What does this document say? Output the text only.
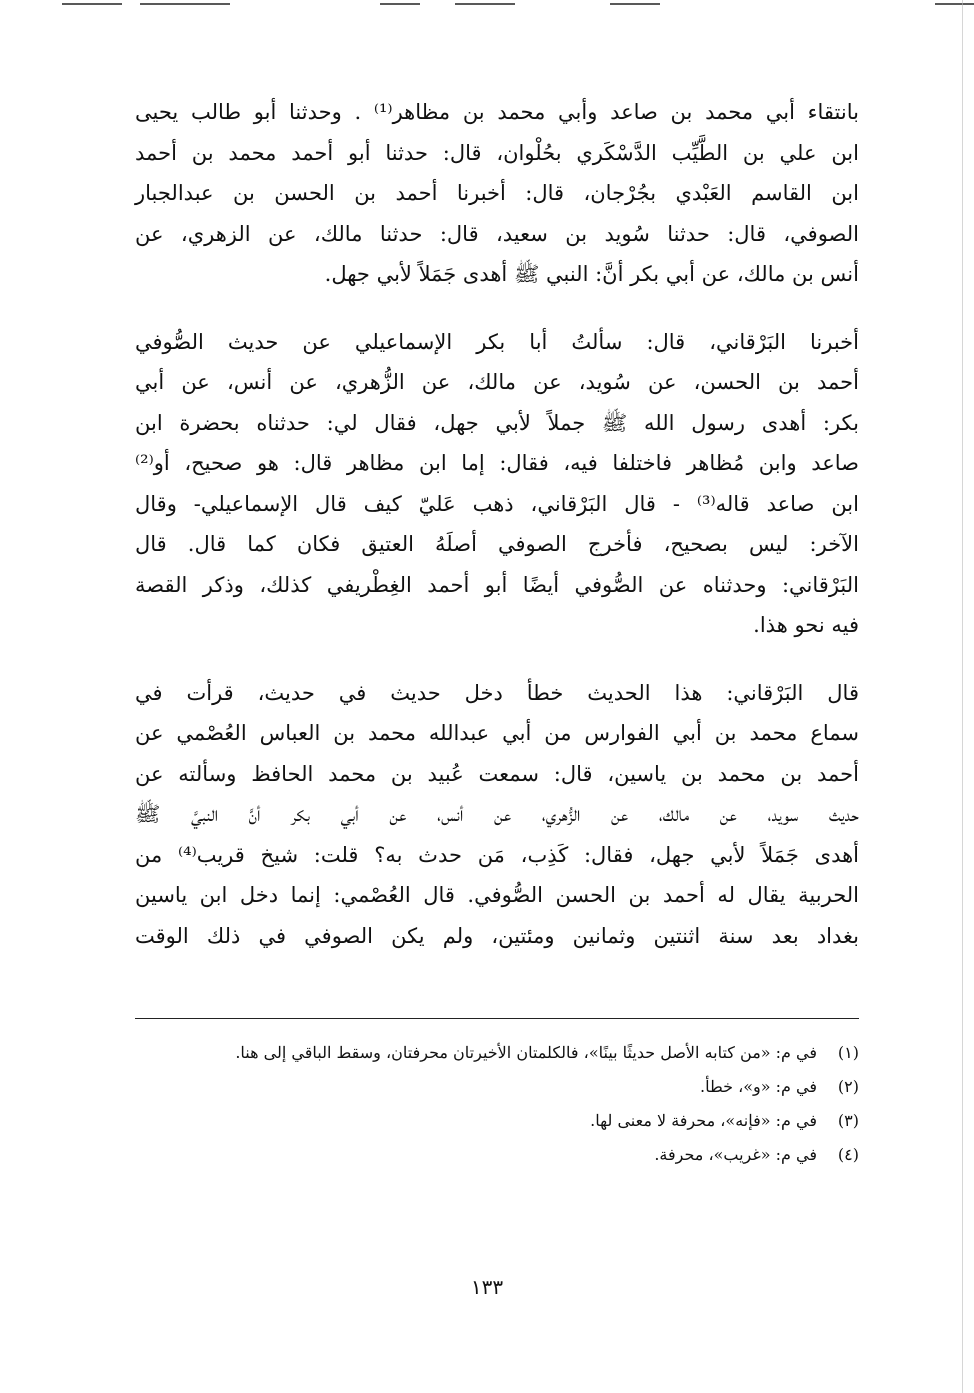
بانتقاء أبي محمد بن صاعد وأبي محمد بن مظاهر⁽¹⁾ . وحدثنا أبو طالب يحيى
ابن علي بن الطَّيِّب الدَّسْكَري بحُلْوان، قال: حدثنا أبو أحمد محمد بن أحمد
ابن القاسم العَبْدي بجُرْجان، قال: أخبرنا أحمد بن الحسن بن عبدالجبار
الصوفي، قال: حدثنا سُويد بن سعيد، قال: حدثنا مالك، عن الزهري، عن
أنس بن مالك، عن أبي بكر أنَّ: النبي ﷺ أهدى جَمَلاً لأبي جهل.

أخبرنا البَرْقاني، قال: سألتُ أبا بكر الإسماعيلي عن حديث الصُّوفي
أحمد بن الحسن، عن سُويد، عن مالك، عن الزُّهري، عن أنس، عن أبي
بكر: أهدى رسول الله ﷺ جملاً لأبي جهل، فقال لي: حدثناه بحضرة ابن
صاعد وابن مُظاهر فاختلفا فيه، فقال: إما ابن مظاهر قال: هو صحيح، أو⁽²⁾
ابن صاعد قاله⁽³⁾ - قال البَرْقاني، ذهب عَليّ كيف قال الإسماعيلي- وقال
الآخر: ليس بصحيح، فأخرج الصوفي أصلَهُ العتيق فكان كما قال. قال
البَرْقاني: وحدثناه عن الصُّوفي أيضًا أبو أحمد الغِطْريفي كذلك، وذكر القصة
فيه نحو هذا.

قال البَرْقاني: هذا الحديث خطأ دخل حديث في حديث، قرأت في
سماع محمد بن أبي الفوارس من أبي عبدالله محمد بن العباس العُصْمي عن
أحمد بن محمد بن ياسين، قال: سمعت عُبيد بن محمد الحافظ وسألته عن
حديث سويد، عن مالك، عن الزُّهري، عن أنس، عن أبي بكر أنَّ النبيَّ ﷺ
أهدى جَمَلاً لأبي جهل، فقال: كَذِب، مَن حدث به؟ قلت: شيخ قريب⁽⁴⁾ من
الحربية يقال له أحمد بن الحسن الصُّوفي. قال العُصْمي: إنما دخل ابن ياسين
بغداد بعد سنة اثنتين وثمانين ومئتين، ولم يكن الصوفي في ذلك الوقت

(١)
في م: «من كتابه الأصل حديثًا بينًا»، فالكلمتان الأخيرتان محرفتان، وسقط الباقي إلى هنا.
(٢)
في م: «و»، خطأ.
(٣)
في م: «فإنه»، محرفة لا معنى لها.
(٤)
في م: «غريب»، محرفة.
١٣٣
